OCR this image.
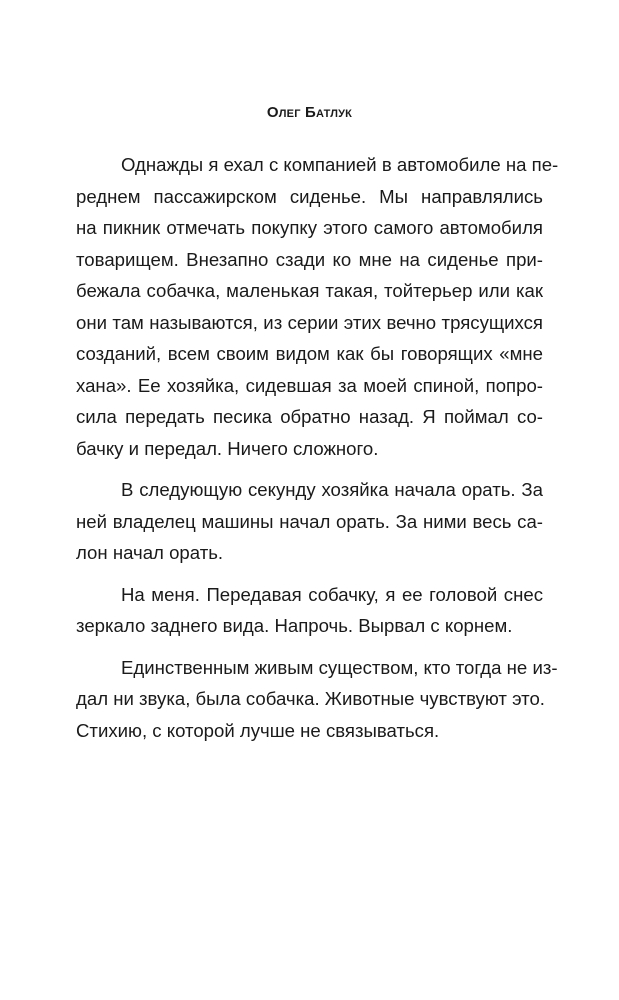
Олег Батлук

Однажды я ехал с компанией в автомобиле на пе-
реднем пассажирском сиденье. Мы направлялись
на пикник отмечать покупку этого самого автомобиля
товарищем. Внезапно сзади ко мне на сиденье при-
бежала собачка, маленькая такая, тойтерьер или как
они там называются, из серии этих вечно трясущихся
созданий, всем своим видом как бы говорящих «мне
хана». Ее хозяйка, сидевшая за моей спиной, попро-
сила передать песика обратно назад. Я поймал со-
бачку и передал. Ничего сложного.

В следующую секунду хозяйка начала орать. За
ней владелец машины начал орать. За ними весь са-
лон начал орать.

На меня. Передавая собачку, я ее головой снес
зеркало заднего вида. Напрочь. Вырвал с корнем.

Единственным живым существом, кто тогда не из-
дал ни звука, была собачка. Животные чувствуют это.
Стихию, с которой лучше не связываться.
